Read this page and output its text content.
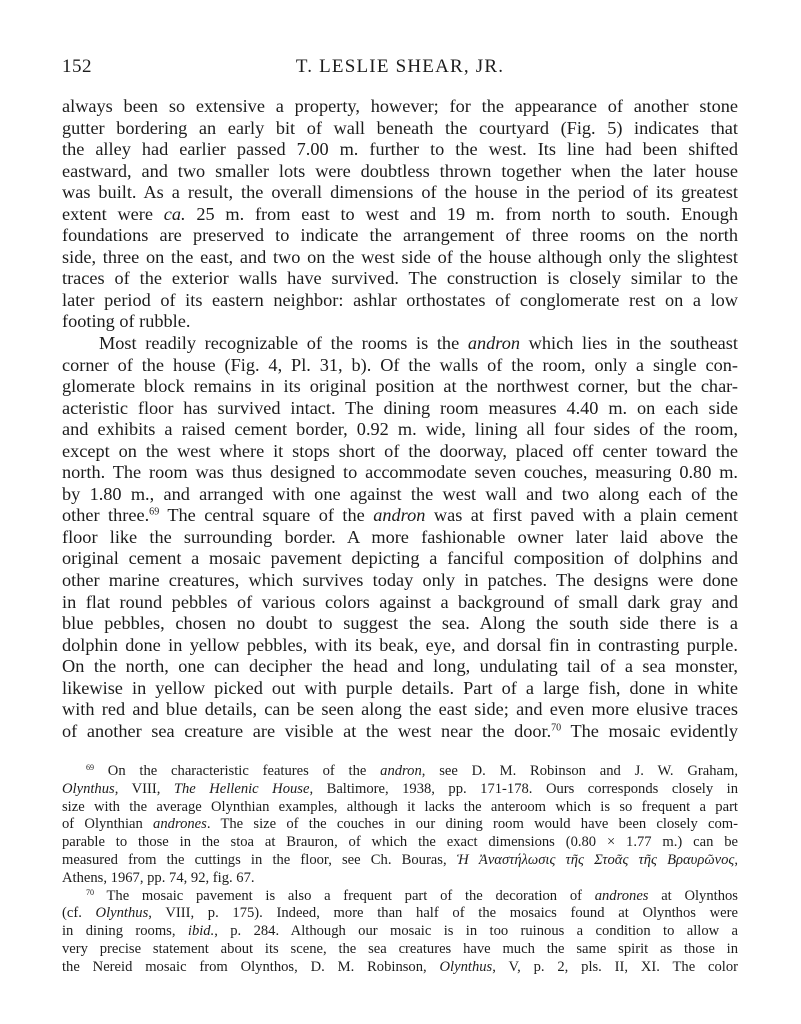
152	T. LESLIE SHEAR, JR.
always been so extensive a property, however; for the appearance of another stone
gutter bordering an early bit of wall beneath the courtyard (Fig. 5) indicates that
the alley had earlier passed 7.00 m. further to the west. Its line had been shifted
eastward, and two smaller lots were doubtless thrown together when the later house
was built. As a result, the overall dimensions of the house in the period of its greatest
extent were ca. 25 m. from east to west and 19 m. from north to south. Enough
foundations are preserved to indicate the arrangement of three rooms on the north
side, three on the east, and two on the west side of the house although only the slightest
traces of the exterior walls have survived. The construction is closely similar to the
later period of its eastern neighbor: ashlar orthostates of conglomerate rest on a low
footing of rubble.
Most readily recognizable of the rooms is the andron which lies in the southeast
corner of the house (Fig. 4, Pl. 31, b). Of the walls of the room, only a single con-
glomerate block remains in its original position at the northwest corner, but the char-
acteristic floor has survived intact. The dining room measures 4.40 m. on each side
and exhibits a raised cement border, 0.92 m. wide, lining all four sides of the room,
except on the west where it stops short of the doorway, placed off center toward the
north. The room was thus designed to accommodate seven couches, measuring 0.80 m.
by 1.80 m., and arranged with one against the west wall and two along each of the
other three.$^{69}$ The central square of the andron was at first paved with a plain cement
floor like the surrounding border. A more fashionable owner later laid above the
original cement a mosaic pavement depicting a fanciful composition of dolphins and
other marine creatures, which survives today only in patches. The designs were done
in flat round pebbles of various colors against a background of small dark gray and
blue pebbles, chosen no doubt to suggest the sea. Along the south side there is a
dolphin done in yellow pebbles, with its beak, eye, and dorsal fin in contrasting purple.
On the north, one can decipher the head and long, undulating tail of a sea monster,
likewise in yellow picked out with purple details. Part of a large fish, done in white
with red and blue details, can be seen along the east side; and even more elusive traces
of another sea creature are visible at the west near the door.$^{70}$ The mosaic evidently
$^{69}$ On the characteristic features of the andron, see D. M. Robinson and J. W. Graham,
Olynthus, VIII, The Hellenic House, Baltimore, 1938, pp. 171-178. Ours corresponds closely in
size with the average Olynthian examples, although it lacks the anteroom which is so frequent a part
of Olynthian andrones. The size of the couches in our dining room would have been closely com-
parable to those in the stoa at Brauron, of which the exact dimensions (0.80 × 1.77 m.) can be
measured from the cuttings in the floor, see Ch. Bouras, Ἡ Ἀναστήλωσις τῆς Στοᾶς τῆς Βραυρῶνος,
Athens, 1967, pp. 74, 92, fig. 67.
$^{70}$ The mosaic pavement is also a frequent part of the decoration of andrones at Olynthos
(cf. Olynthus, VIII, p. 175). Indeed, more than half of the mosaics found at Olynthos were
in dining rooms, ibid., p. 284. Although our mosaic is in too ruinous a condition to allow a
very precise statement about its scene, the sea creatures have much the same spirit as those in
the Nereid mosaic from Olynthos, D. M. Robinson, Olynthus, V, p. 2, pls. II, XI. The color
